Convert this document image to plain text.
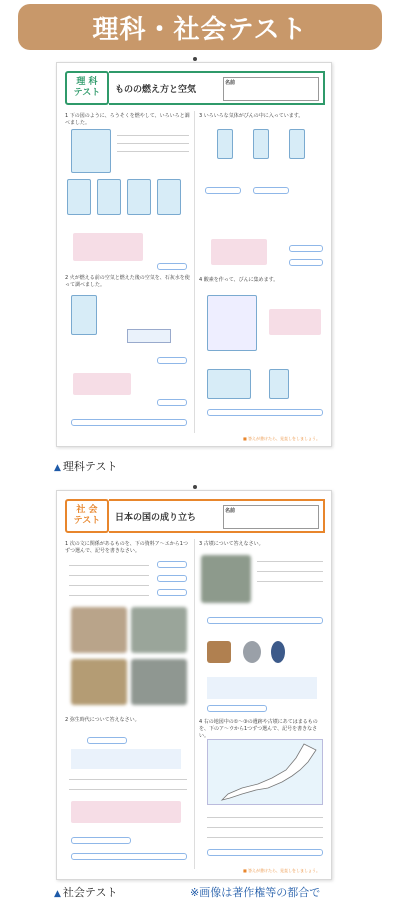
理科・社会テスト
理 科
テスト ものの燃え方と空気
名前
1 下の図のように、ろうそくを燃やして、いろいろと調べました。
2 火が燃える前の空気と燃えた後の空気を、石灰水を使って調べました。
3 いろいろな気体がびんの中に入っています。
4 酸素を作って、びんに集めます。
■ 答えが書けたら、見直しをしましょう。
▲ 理科テスト
社 会
テスト 日本の国の成り立ち
名前
1 次の文に関係があるものを、下の資料ア～エから1つずつ選んで、記号を書きなさい。
2 弥生時代について答えなさい。
3 古墳について答えなさい。
4 右の地図中の①～③の遺跡や古墳にあてはまるものを、下のア～ウから1つずつ選んで、記号を書きなさい。
■ 答えが書けたら、見直しをしましょう。
▲ 社会テスト	※画像は著作権等の都合で
